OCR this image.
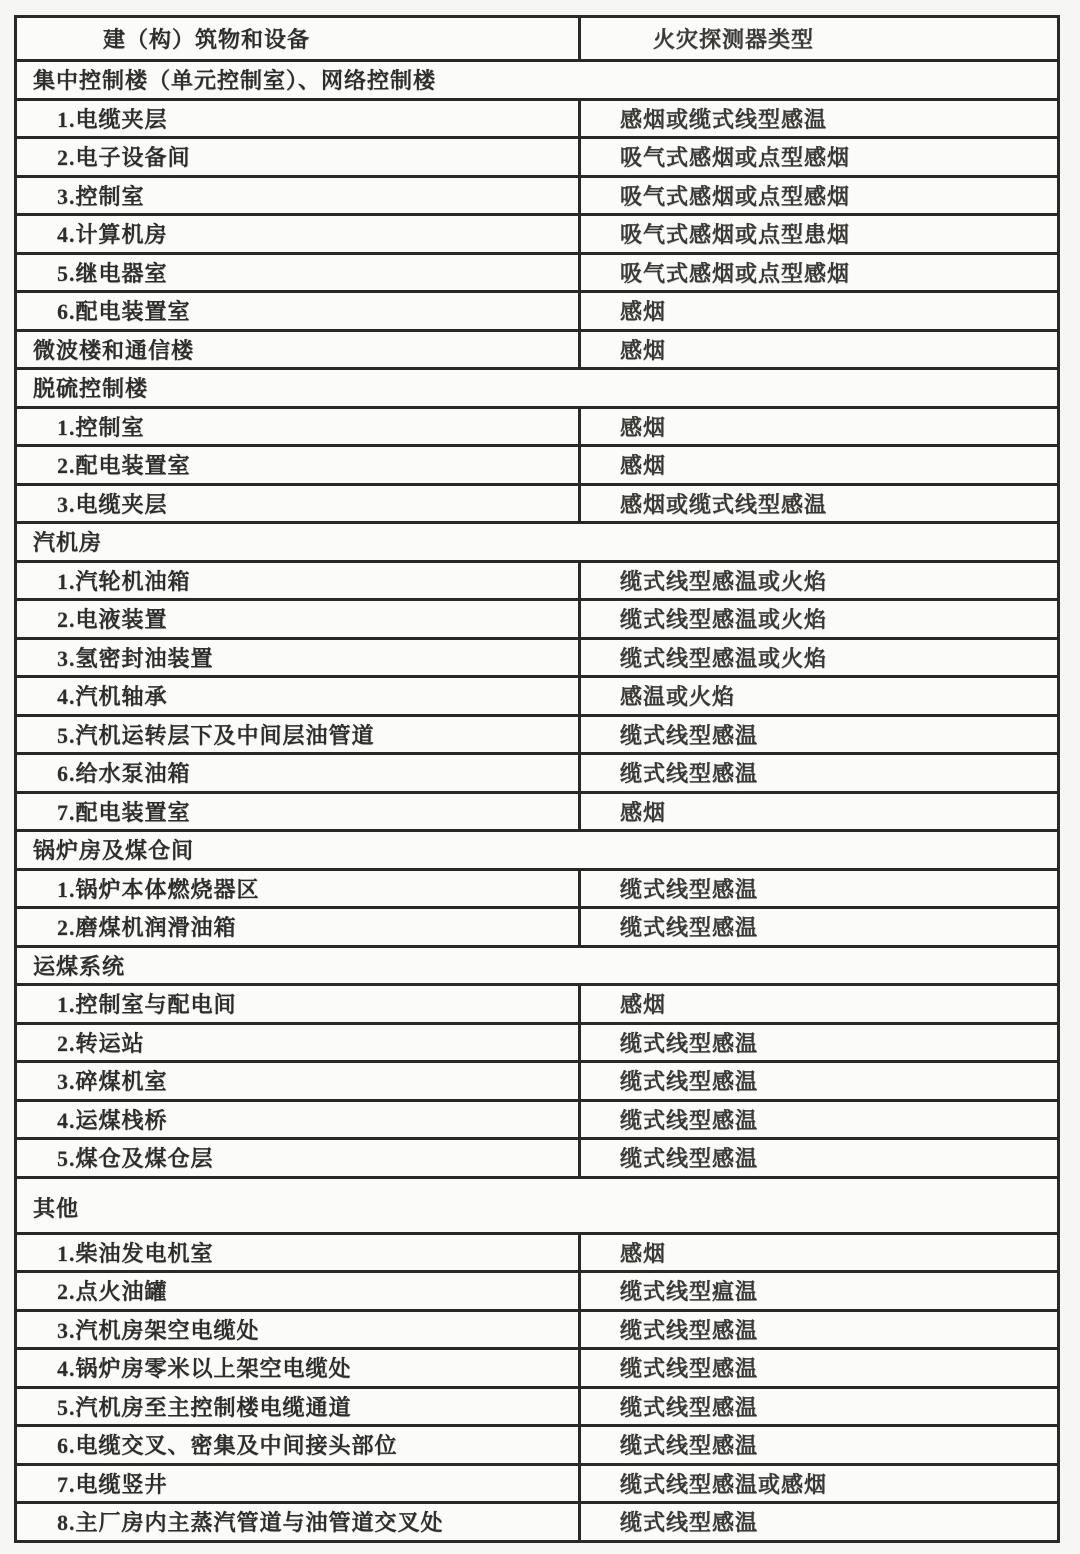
建（构）筑物和设备	火灾探测器类型
集中控制楼（单元控制室）、网络控制楼
1.电缆夹层	感烟或缆式线型感温
2.电子设备间	吸气式感烟或点型感烟
3.控制室	吸气式感烟或点型感烟
4.计算机房	吸气式感烟或点型患烟
5.继电器室	吸气式感烟或点型感烟
6.配电装置室	感烟
微波楼和通信楼	感烟
脱硫控制楼
1.控制室	感烟
2.配电装置室	感烟
3.电缆夹层	感烟或缆式线型感温
汽机房
1.汽轮机油箱	缆式线型感温或火焰
2.电液装置	缆式线型感温或火焰
3.氢密封油装置	缆式线型感温或火焰
4.汽机轴承	感温或火焰
5.汽机运转层下及中间层油管道	缆式线型感温
6.给水泵油箱	缆式线型感温
7.配电装置室	感烟
锅炉房及煤仓间
1.锅炉本体燃烧器区	缆式线型感温
2.磨煤机润滑油箱	缆式线型感温
运煤系统
1.控制室与配电间	感烟
2.转运站	缆式线型感温
3.碎煤机室	缆式线型感温
4.运煤栈桥	缆式线型感温
5.煤仓及煤仓层	缆式线型感温
其他
1.柴油发电机室	感烟
2.点火油罐	缆式线型瘟温
3.汽机房架空电缆处	缆式线型感温
4.锅炉房零米以上架空电缆处	缆式线型感温
5.汽机房至主控制楼电缆通道	缆式线型感温
6.电缆交叉、密集及中间接头部位	缆式线型感温
7.电缆竖井	缆式线型感温或感烟
8.主厂房内主蒸汽管道与油管道交叉处	缆式线型感温
